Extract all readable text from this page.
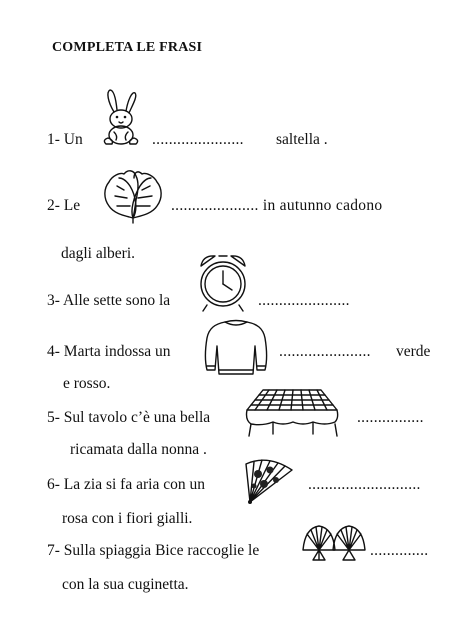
COMPLETA LE FRASI
1- Un	...................... saltella .
2- Le	..................... in autunno cadono
dagli alberi.
3- Alle sette sono la	......................
4- Marta indossa un	...................... verde
e rosso.
5- Sul tavolo c’è una bella	................
ricamata dalla nonna .
6- La zia si fa aria con un	...........................
rosa con i fiori gialli.
7- Sulla spiaggia Bice raccoglie le	..............
con la sua cuginetta.
